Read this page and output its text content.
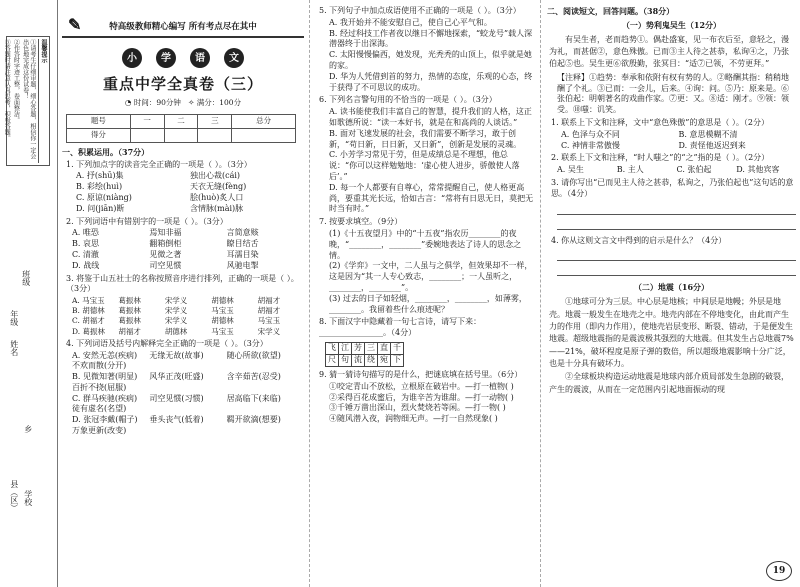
温馨提示
①请考生仔细审题，细心答题，相信你一定会出色地完成这份试卷！
②作答时字迹工整，卷面整洁。
③答题时请注意认真思考，积极答题。
班级
年级
姓名
乡
县（区） 学校
✎	特高级教师精心编写 所有考点尽在其中
小	学	语	文
重点中学全真卷（三）
◔ 时间：90分钟 ✧ 满分：100分
题号	一	二	三	总分
得分				
一、积累运用。（37分）
1. 下列加点字的读音完全正确的一项是（ ）。（3分）
A. 抒(shū)集	独出心裁(cái)
B. 彩绘(huì)	天衣无缝(fèng)
C. 原谅(niàng)	脍(huò)炙人口
D. 问(jiān)断	含情脉(mài)脉
2. 下列词语中有错别字的一项是（ ）。（3分）
A. 唯恐	焉知非福	言简意赅
B. 哀思	翻箱倒柜	瞭目结舌
C. 清澈	见微之著	耳濡目染
D. 战线	司空见惯	风驰电掣
3. 将鉴于山五社士的名称按照音序进行排列，正确的一项是（ ）。（3分）
A. 马宝玉	葛振林	宋学义	胡德林	胡福才
B. 胡德林	葛振林	宋学义	马宝玉	胡福才
C. 胡福才	葛振林	宋学义	胡德林	马宝玉
D. 葛振林	胡福才	胡德林	马宝玉	宋学义
4. 下列词语及括号内解释完全正确的一项是（ ）。（3分）
A. 安然无恙(疾病)	无缘无故(故事)	随心所欲(欲望)
不欢而散(分开)
B. 见微知著(明显)	风华正茂(旺盛)	含辛茹苦(忍受)
百折不挠(屈服)
C. 群马疾驰(疾病)	司空见惯(习惯)	居高临下(来临)
徒有虚名(名望)
D. 张冠李戴(帽子)	垂头丧气(低着)	羁开欲滴(想要)
万象更新(改变)
5. 下列句子中加点成语使用不正确的一项是（ ）。（3分）
A. 我开始并不能安慰自己，使自己心平气和。
B. 经过科技工作者夜以继日不懈地探索，“蛟龙号”载人深潜器终于出深海。
C. 太阳慢慢偏西，她发现，光秃秃的山顶上，似乎就是她的家。
D. 华为人凭借到首的努力，热情的态度，乐观的心态，终于获得了不可思议的成功。
6. 下列名言警句用的不恰当的一项是（ ）。（3分）
A. 读书能使我们丰富自己的智慧，提升我们的人格，这正如歌德所说：“读一本好书，就是在和高尚的人谈话。”
B. 面对飞速发展的社会，我们需要不断学习，敢于创新，“苟日新，日日新，又日新”，创新是发展的灵魂。
C. 小芳学习常见于劳，但是成绩总是不理想，他总说：“你可以这样勉勉地：‘虚心使人进步，骄傲使人落后’。”
D. 每一个人都要有自尊心，常常提醒自己，使人格更高尚，要重其光长远，恰如古言：“常将有日思无日，莫把无时当有时。”
7. 按要求填空。（9分）
(1)《十五夜望月》中的“十五夜”指农历________的夜晚，“________，________”委婉地表达了诗人的思念之情。
(2)《学弈》一文中，二人虽与之俱学，但效果却不一样，这是因为“其一人专心致志，________；一人虽听之，________，________”。
(3) 过去的日子如轻烟，________，________，如薄雾，________。我留着些什么痕迹呢？
8. 下面汉字中隐藏着一句七言诗，请写下来：________________。（4分）
飞	江	芳	三	直	千
尺	句	流	绕	宛	下
9. 猜一猜诗句描写的是什么，把谜底填在括号里。（6分）
①咬定青山不放松，立根原在破岩中。—打一植物( )
②采得百花成蜜后，为谁辛苦为谁甜。—打一动物( )
③千锤万凿出深山，烈火焚烧若等闲。—打一物( )
④随风潜入夜，润物细无声。—打一自然现象( )
二、阅读短文，回答问题。（38分）
（一）势利鬼吴生（12分）
有吴生者，老而趋势①。偶赴盛宴，见一布衣后至，意轻之，漫为礼，而甚倨②，意色殊傲。已而③主人待之甚恭，私询④之，乃张伯起⑤也。吴生更⑥欲殷勤，张冥目：“适⑦已领，不劳更拜。”
【注释】①趋势：奉承和依附有权有势的人。②略酬其指：稍稍地酬了个礼。③已而：一会儿，后来。④询：问。⑤乃：原来是。⑥张伯起：明朝著名的戏曲作家。⑦更：又。⑧适：刚才。⑨领：领受。⑩嗤：讥笑。
1. 联系上下文和注释，文中“意色殊傲”的意思是（ ）。（2分）
A. 色泽与众不同	B. 意思模糊不清
C. 神情非常傲慢	D. 责怪他返迟到来
2. 联系上下文和注释，“时人嗤之”的“之”指的是（ ）。（2分）
A. 吴生	B. 主人	C. 张伯起	D. 其他宾客
3. 请你写出“已而见主人待之甚恭，私询之，乃张伯起也”这句话的意思。（4分）
4. 你从这则文言文中得到的启示是什么？（4分）
（二）地震（16分）
①地球可分为三层。中心层是地核；中间层是地幔；外层是地壳。地震一般发生在地壳之中。地壳内部在不停地变化，由此而产生力的作用（即内力作用），使地壳岩层变形、断裂、错动，于是便发生地震。超级地震指的是震波极其强烈的大地震。但其发生占总地震7%——21%，破坏程度是原子弹的数倍，所以超级地震影响十分广泛，也是十分具有破坏力。
②全球板块构造运动地震是地球内部介质局部发生急剧的破裂，产生的震波，从而在一定范围内引起地面振动的现
19
